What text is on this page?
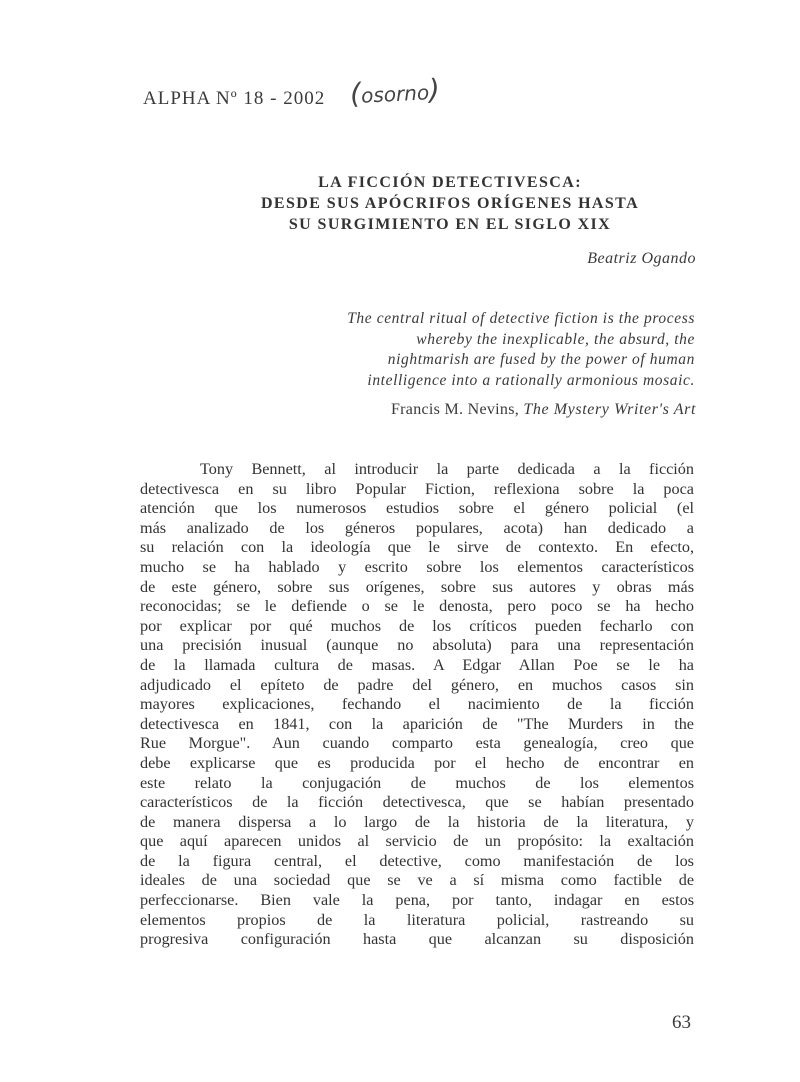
ALPHA Nº 18 - 2002 (osorno)
LA FICCIÓN DETECTIVESCA:
DESDE SUS APÓCRIFOS ORÍGENES HASTA
SU SURGIMIENTO EN EL SIGLO XIX
Beatriz Ogando
The central ritual of detective fiction is the process
whereby the inexplicable, the absurd, the
nightmarish are fused by the power of human
intelligence into a rationally armonious mosaic.
Francis M. Nevins, The Mystery Writer's Art
Tony Bennett, al introducir la parte dedicada a la ficción
detectivesca en su libro Popular Fiction, reflexiona sobre la poca
atención que los numerosos estudios sobre el género policial (el
más analizado de los géneros populares, acota) han dedicado a
su relación con la ideología que le sirve de contexto. En efecto,
mucho se ha hablado y escrito sobre los elementos característicos
de este género, sobre sus orígenes, sobre sus autores y obras más
reconocidas; se le defiende o se le denosta, pero poco se ha hecho
por explicar por qué muchos de los críticos pueden fecharlo con
una precisión inusual (aunque no absoluta) para una representación
de la llamada cultura de masas. A Edgar Allan Poe se le ha
adjudicado el epíteto de padre del género, en muchos casos sin
mayores explicaciones, fechando el nacimiento de la ficción
detectivesca en 1841, con la aparición de "The Murders in the
Rue Morgue". Aun cuando comparto esta genealogía, creo que
debe explicarse que es producida por el hecho de encontrar en
este relato la conjugación de muchos de los elementos
característicos de la ficción detectivesca, que se habían presentado
de manera dispersa a lo largo de la historia de la literatura, y
que aquí aparecen unidos al servicio de un propósito: la exaltación
de la figura central, el detective, como manifestación de los
ideales de una sociedad que se ve a sí misma como factible de
perfeccionarse. Bien vale la pena, por tanto, indagar en estos
elementos propios de la literatura policial, rastreando su
progresiva configuración hasta que alcanzan su disposición
63
